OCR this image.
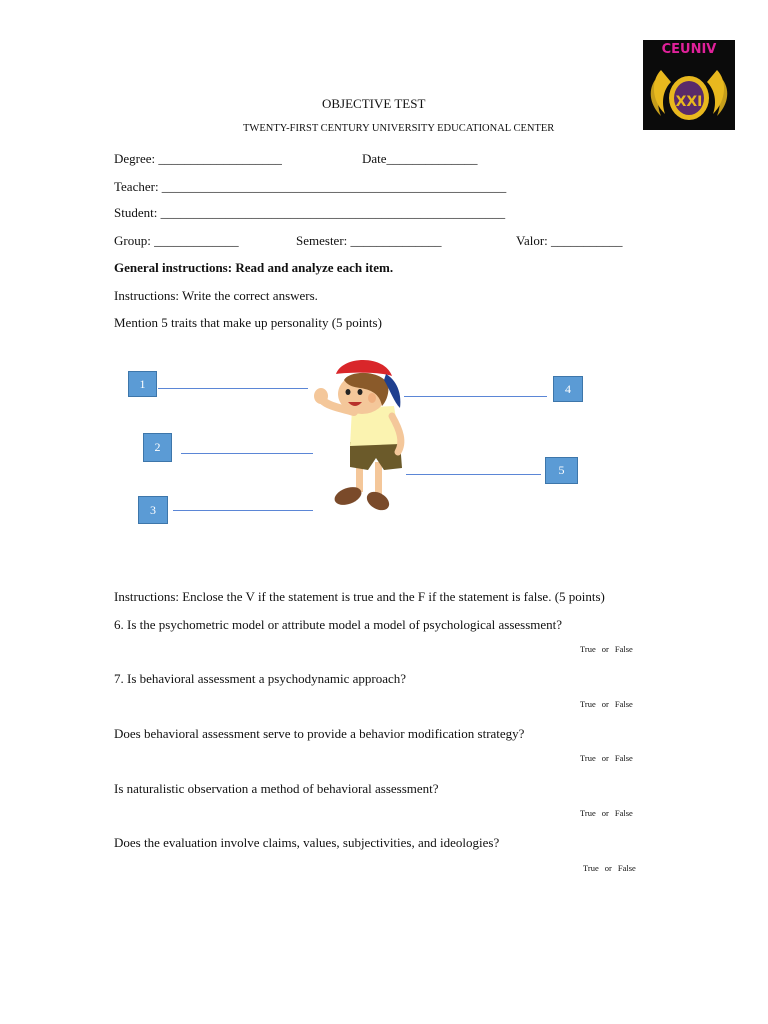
XXI
CEUNIV
OBJECTIVE TEST
TWENTY-FIRST CENTURY UNIVERSITY EDUCATIONAL CENTER
Degree: ___________________	Date______________
Teacher: _____________________________________________________
Student: _____________________________________________________
Group: _____________	Semester: ______________	Valor: ___________
General instructions: Read and analyze each item.
Instructions: Write the correct answers.
Mention 5 traits that make up personality (5 points)
1
2
3
4
5
Instructions: Enclose the V if the statement is true and the F if the statement is false. (5 points)
6. Is the psychometric model or attribute model a model of psychological assessment?
True or False
7. Is behavioral assessment a psychodynamic approach?
True or False
Does behavioral assessment serve to provide a behavior modification strategy?
True or False
Is naturalistic observation a method of behavioral assessment?
True or False
Does the evaluation involve claims, values, subjectivities, and ideologies?
True or False
